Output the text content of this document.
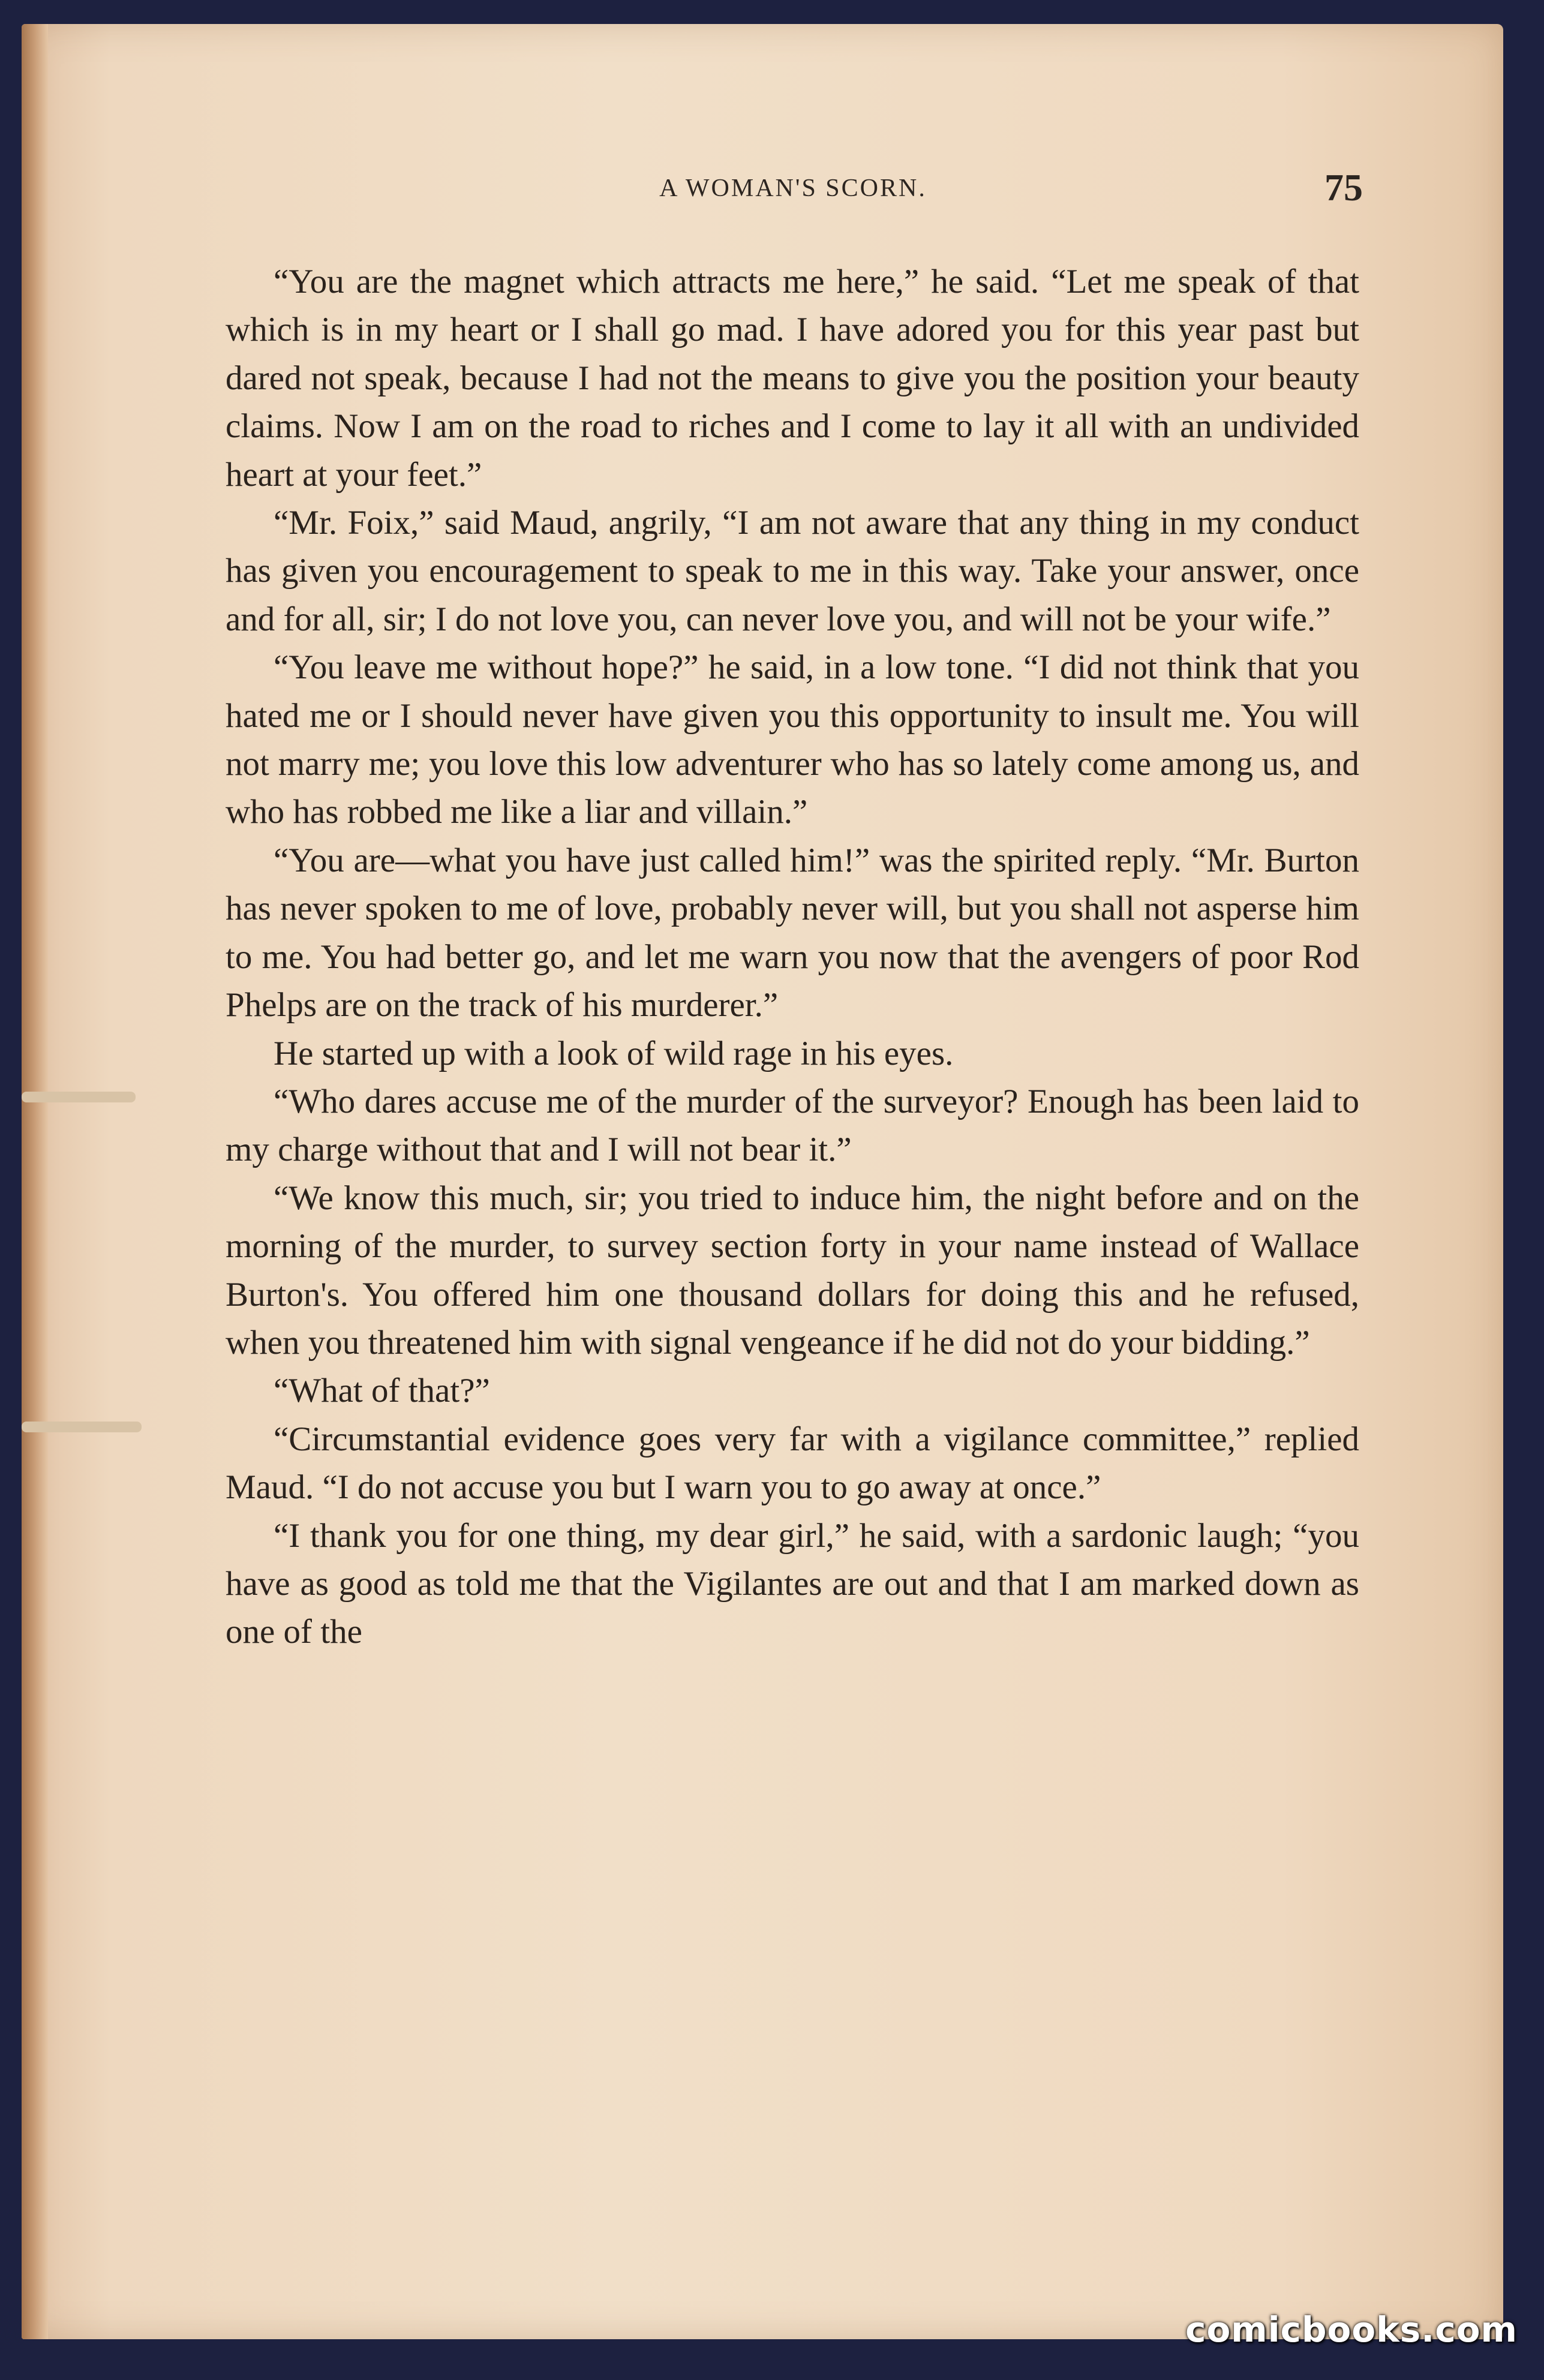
A WOMAN'S SCORN.	75

“You are the magnet which attracts me here,” he said. “Let me speak of that which is in my heart or I shall go mad. I have adored you for this year past but dared not speak, because I had not the means to give you the position your beauty claims. Now I am on the road to riches and I come to lay it all with an undivided heart at your feet.”

“Mr. Foix,” said Maud, angrily, “I am not aware that any thing in my conduct has given you encouragement to speak to me in this way. Take your answer, once and for all, sir; I do not love you, can never love you, and will not be your wife.”

“You leave me without hope?” he said, in a low tone. “I did not think that you hated me or I should never have given you this opportunity to insult me. You will not marry me; you love this low adventurer who has so lately come among us, and who has robbed me like a liar and villain.”

“You are—what you have just called him!” was the spirited reply. “Mr. Burton has never spoken to me of love, probably never will, but you shall not asperse him to me. You had better go, and let me warn you now that the avengers of poor Rod Phelps are on the track of his murderer.”

He started up with a look of wild rage in his eyes.

“Who dares accuse me of the murder of the surveyor? Enough has been laid to my charge without that and I will not bear it.”

“We know this much, sir; you tried to induce him, the night before and on the morning of the murder, to survey section forty in your name instead of Wallace Burton's. You offered him one thousand dollars for doing this and he refused, when you threatened him with signal vengeance if he did not do your bidding.”

“What of that?”

“Circumstantial evidence goes very far with a vigilance committee,” replied Maud. “I do not accuse you but I warn you to go away at once.”

“I thank you for one thing, my dear girl,” he said, with a sardonic laugh; “you have as good as told me that the Vigilantes are out and that I am marked down as one of the

comicbooks.com
